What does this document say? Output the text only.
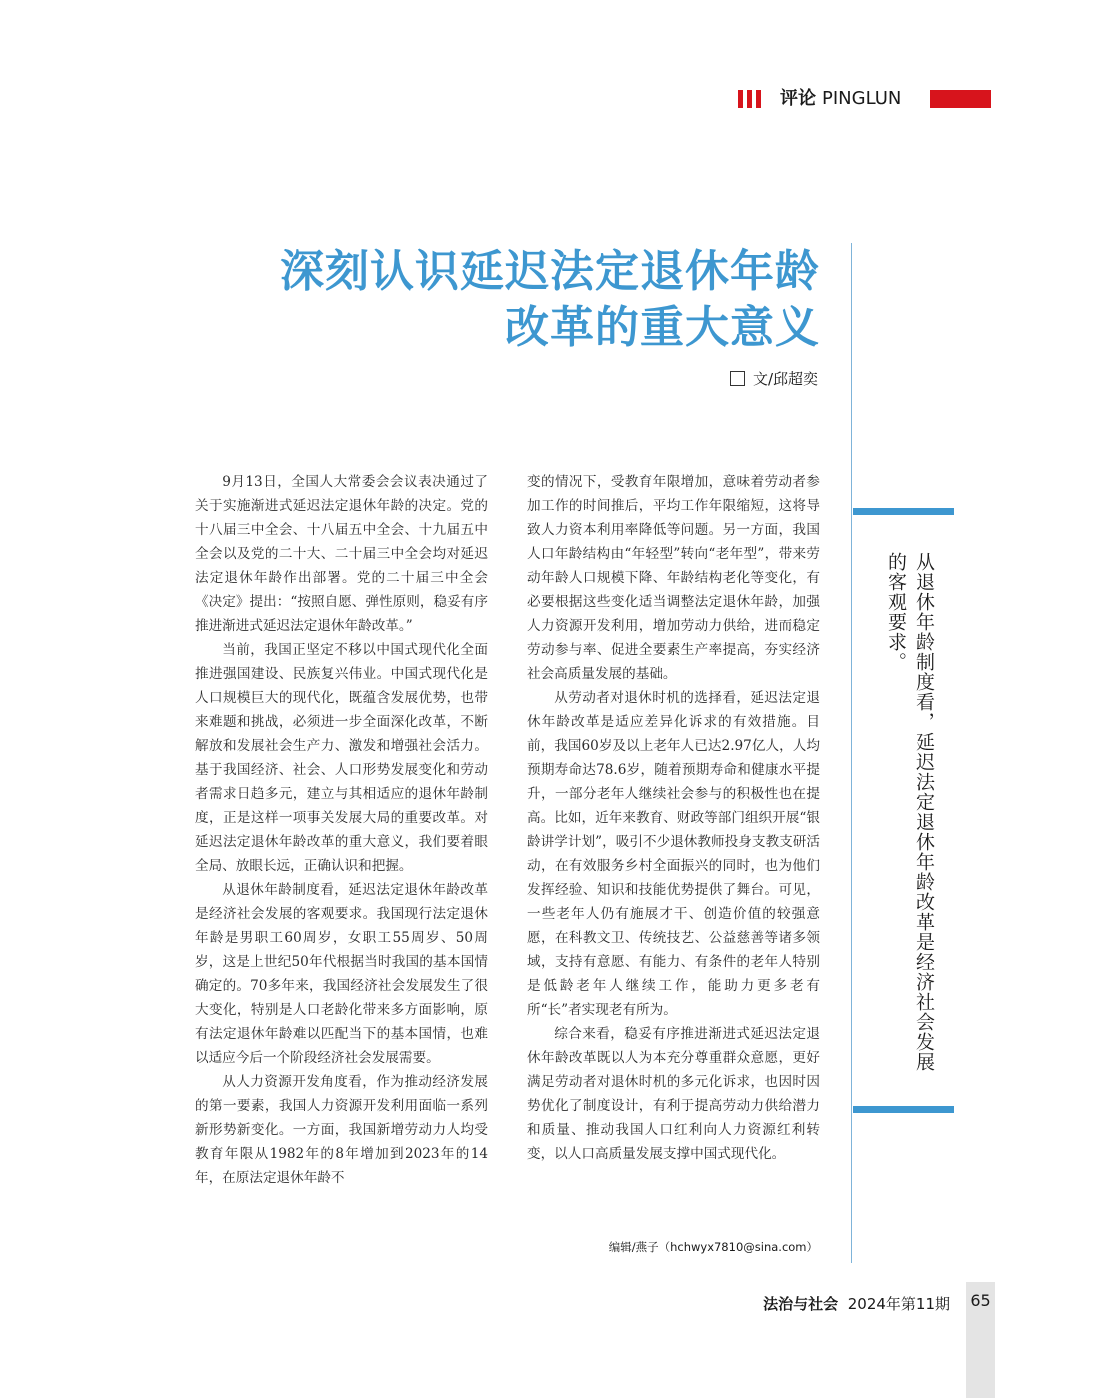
评论 PINGLUN
深刻认识延迟法定退休年龄
改革的重大意义
文/邱超奕
从退休年龄制度看，延迟法定退休年龄改革是经济社会发展的客观要求。

9月13日，全国人大常委会会议表决通过了关于实施渐进式延迟法定退休年龄的决定。党的十八届三中全会、十八届五中全会、十九届五中全会以及党的二十大、二十届三中全会均对延迟法定退休年龄作出部署。党的二十届三中全会《决定》提出：“按照自愿、弹性原则，稳妥有序推进渐进式延迟法定退休年龄改革。”

当前，我国正坚定不移以中国式现代化全面推进强国建设、民族复兴伟业。中国式现代化是人口规模巨大的现代化，既蕴含发展优势，也带来难题和挑战，必须进一步全面深化改革，不断解放和发展社会生产力、激发和增强社会活力。基于我国经济、社会、人口形势发展变化和劳动者需求日趋多元，建立与其相适应的退休年龄制度，正是这样一项事关发展大局的重要改革。对延迟法定退休年龄改革的重大意义，我们要着眼全局、放眼长远，正确认识和把握。

从退休年龄制度看，延迟法定退休年龄改革是经济社会发展的客观要求。我国现行法定退休年龄是男职工60周岁，女职工55周岁、50周岁，这是上世纪50年代根据当时我国的基本国情确定的。70多年来，我国经济社会发展发生了很大变化，特别是人口老龄化带来多方面影响，原有法定退休年龄难以匹配当下的基本国情，也难以适应今后一个阶段经济社会发展需要。

从人力资源开发角度看，作为推动经济发展的第一要素，我国人力资源开发利用面临一系列新形势新变化。一方面，我国新增劳动力人均受教育年限从1982年的8年增加到2023年的14年，在原法定退休年龄不

变的情况下，受教育年限增加，意味着劳动者参加工作的时间推后，平均工作年限缩短，这将导致人力资本利用率降低等问题。另一方面，我国人口年龄结构由“年轻型”转向“老年型”，带来劳动年龄人口规模下降、年龄结构老化等变化，有必要根据这些变化适当调整法定退休年龄，加强人力资源开发利用，增加劳动力供给，进而稳定劳动参与率、促进全要素生产率提高，夯实经济社会高质量发展的基础。

从劳动者对退休时机的选择看，延迟法定退休年龄改革是适应差异化诉求的有效措施。目前，我国60岁及以上老年人已达2.97亿人，人均预期寿命达78.6岁，随着预期寿命和健康水平提升，一部分老年人继续社会参与的积极性也在提高。比如，近年来教育、财政等部门组织开展“银龄讲学计划”，吸引不少退休教师投身支教支研活动，在有效服务乡村全面振兴的同时，也为他们发挥经验、知识和技能优势提供了舞台。可见，一些老年人仍有施展才干、创造价值的较强意愿，在科教文卫、传统技艺、公益慈善等诸多领域，支持有意愿、有能力、有条件的老年人特别是低龄老年人继续工作，能助力更多老有所“长”者实现老有所为。

综合来看，稳妥有序推进渐进式延迟法定退休年龄改革既以人为本充分尊重群众意愿，更好满足劳动者对退休时机的多元化诉求，也因时因势优化了制度设计，有利于提高劳动力供给潜力和质量、推动我国人口红利向人力资源红利转变，以人口高质量发展支撑中国式现代化。

编辑/燕子（hchwyx7810@sina.com）
法治与社会 2024年第11期 65
